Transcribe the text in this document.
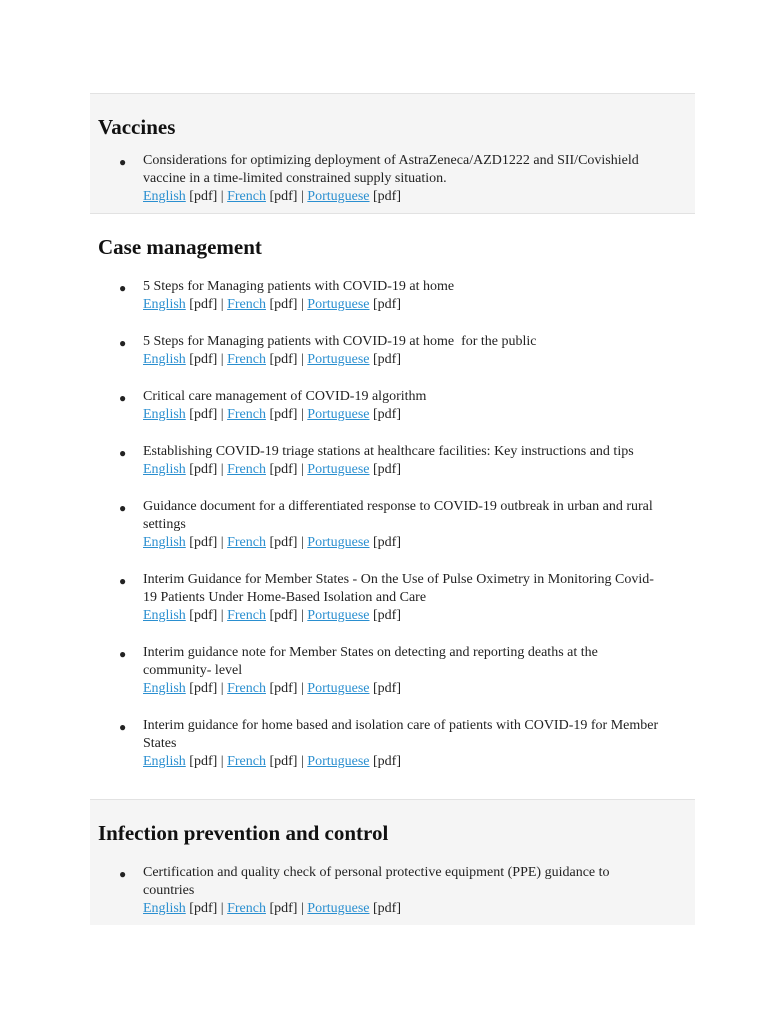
Vaccines
● Considerations for optimizing deployment of AstraZeneca/AZD1222 and SII/Covishield vaccine in a time-limited constrained supply situation.
English [pdf] | French [pdf] | Portuguese [pdf]
Case management
● 5 Steps for Managing patients with COVID-19 at home
English [pdf] | French [pdf] | Portuguese [pdf]
● 5 Steps for Managing patients with COVID-19 at home  for the public
English [pdf] | French [pdf] | Portuguese [pdf]
● Critical care management of COVID-19 algorithm
English [pdf] | French [pdf] | Portuguese [pdf]
● Establishing COVID-19 triage stations at healthcare facilities: Key instructions and tips
English [pdf] | French [pdf] | Portuguese [pdf]
● Guidance document for a differentiated response to COVID-19 outbreak in urban and rural settings
English [pdf] | French [pdf] | Portuguese [pdf]
● Interim Guidance for Member States - On the Use of Pulse Oximetry in Monitoring Covid-19 Patients Under Home-Based Isolation and Care
English [pdf] | French [pdf] | Portuguese [pdf]
● Interim guidance note for Member States on detecting and reporting deaths at the community- level
English [pdf] | French [pdf] | Portuguese [pdf]
● Interim guidance for home based and isolation care of patients with COVID-19 for Member States
English [pdf] | French [pdf] | Portuguese [pdf]
Infection prevention and control
● Certification and quality check of personal protective equipment (PPE) guidance to countries
English [pdf] | French [pdf] | Portuguese [pdf]
